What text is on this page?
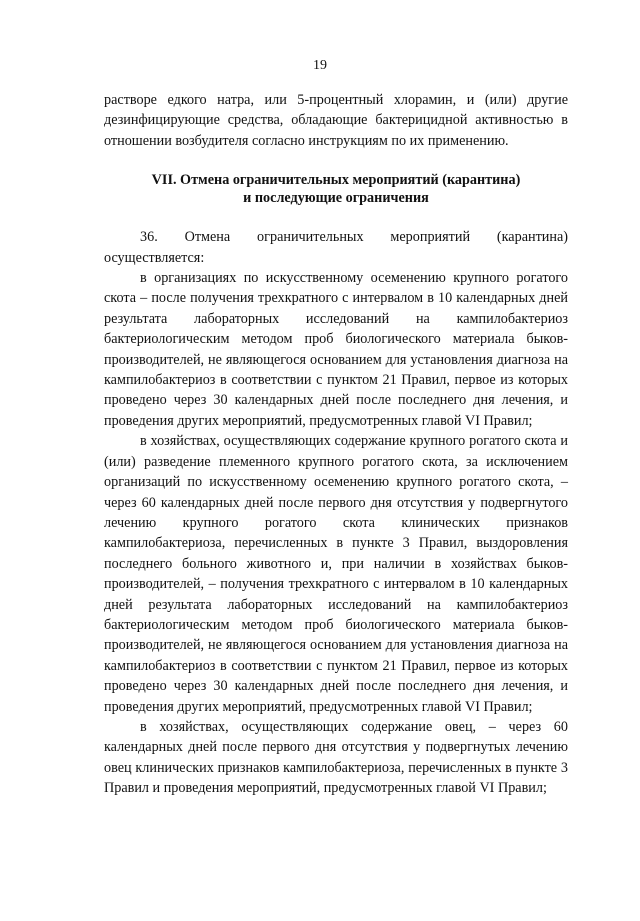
19

растворе едкого натра, или 5-процентный хлорамин, и (или) другие дезинфицирующие средства, обладающие бактерицидной активностью в отношении возбудителя согласно инструкциям по их применению.

VII. Отмена ограничительных мероприятий (карантина)
и последующие ограничения

36. Отмена ограничительных мероприятий (карантина) осуществляется:

в организациях по искусственному осеменению крупного рогатого скота – после получения трехкратного с интервалом в 10 календарных дней результата лабораторных исследований на кампилобактериоз бактериологическим методом проб биологического материала быков-производителей, не являющегося основанием для установления диагноза на кампилобактериоз в соответствии с пунктом 21 Правил, первое из которых проведено через 30 календарных дней после последнего дня лечения, и проведения других мероприятий, предусмотренных главой VI Правил;

в хозяйствах, осуществляющих содержание крупного рогатого скота и (или) разведение племенного крупного рогатого скота, за исключением организаций по искусственному осеменению крупного рогатого скота, – через 60 календарных дней после первого дня отсутствия у подвергнутого лечению крупного рогатого скота клинических признаков кампилобактериоза, перечисленных в пункте 3 Правил, выздоровления последнего больного животного и, при наличии в хозяйствах быков-производителей, – получения трехкратного с интервалом в 10 календарных дней результата лабораторных исследований на кампилобактериоз бактериологическим методом проб биологического материала быков-производителей, не являющегося основанием для установления диагноза на кампилобактериоз в соответствии с пунктом 21 Правил, первое из которых проведено через 30 календарных дней после последнего дня лечения, и проведения других мероприятий, предусмотренных главой VI Правил;

в хозяйствах, осуществляющих содержание овец, – через 60 календарных дней после первого дня отсутствия у подвергнутых лечению овец клинических признаков кампилобактериоза, перечисленных в пункте 3 Правил и проведения мероприятий, предусмотренных главой VI Правил;
